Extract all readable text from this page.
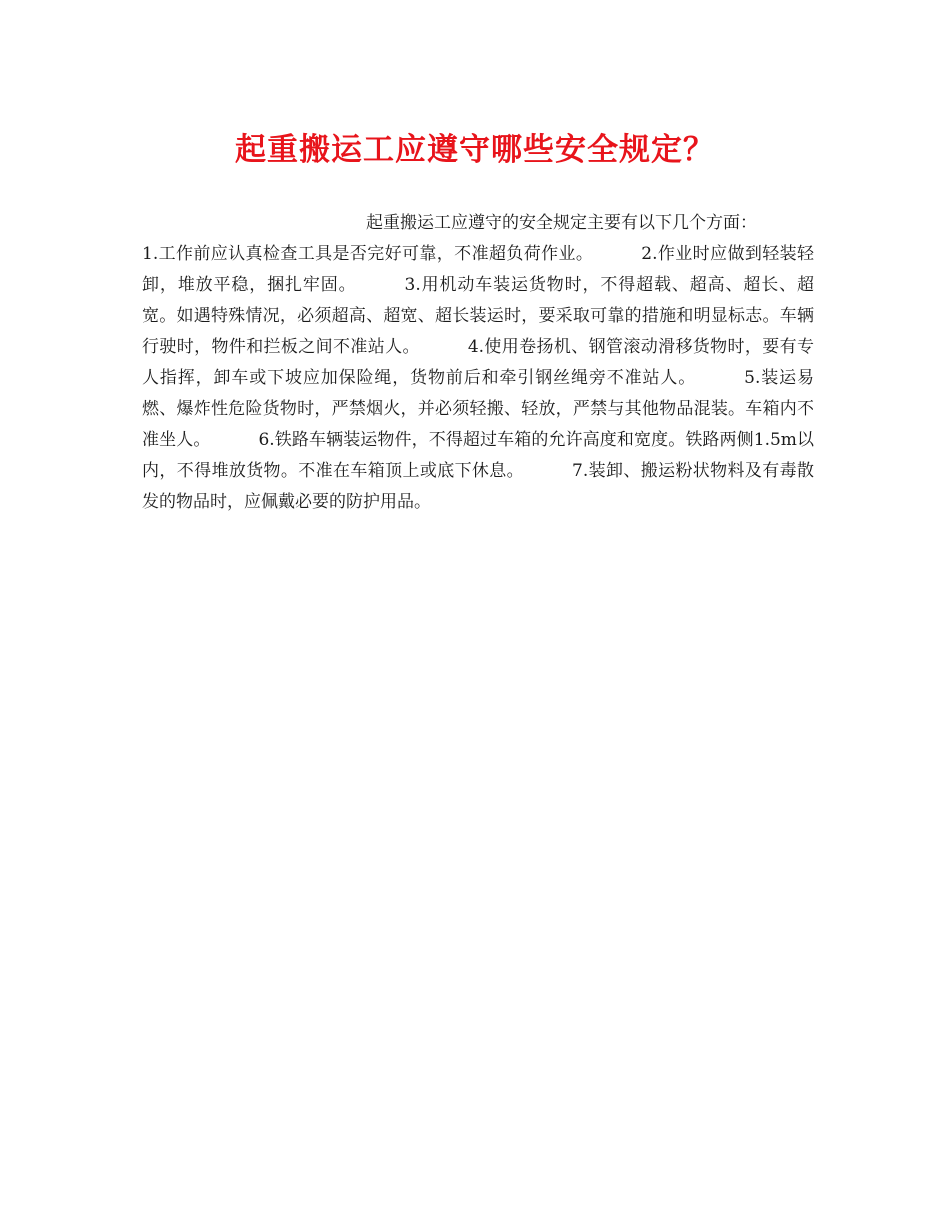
起重搬运工应遵守哪些安全规定？
起重搬运工应遵守的安全规定主要有以下几个方面：
1.工作前应认真检查工具是否完好可靠，不准超负荷作业。	2.作业时应做到轻装轻卸，堆放平稳，捆扎牢固。	3.用机动车装运货物时，不得超载、超高、超长、超宽。如遇特殊情况，必须超高、超宽、超长装运时，要采取可靠的措施和明显标志。车辆行驶时，物件和拦板之间不准站人。	4.使用卷扬机、钢管滚动滑移货物时，要有专人指挥，卸车或下坡应加保险绳，货物前后和牵引钢丝绳旁不准站人。	5.装运易燃、爆炸性危险货物时，严禁烟火，并必须轻搬、轻放，严禁与其他物品混装。车箱内不准坐人。	6.铁路车辆装运物件，不得超过车箱的允许高度和宽度。铁路两侧1.5m以内，不得堆放货物。不准在车箱顶上或底下休息。	7.装卸、搬运粉状物料及有毒散发的物品时，应佩戴必要的防护用品。
